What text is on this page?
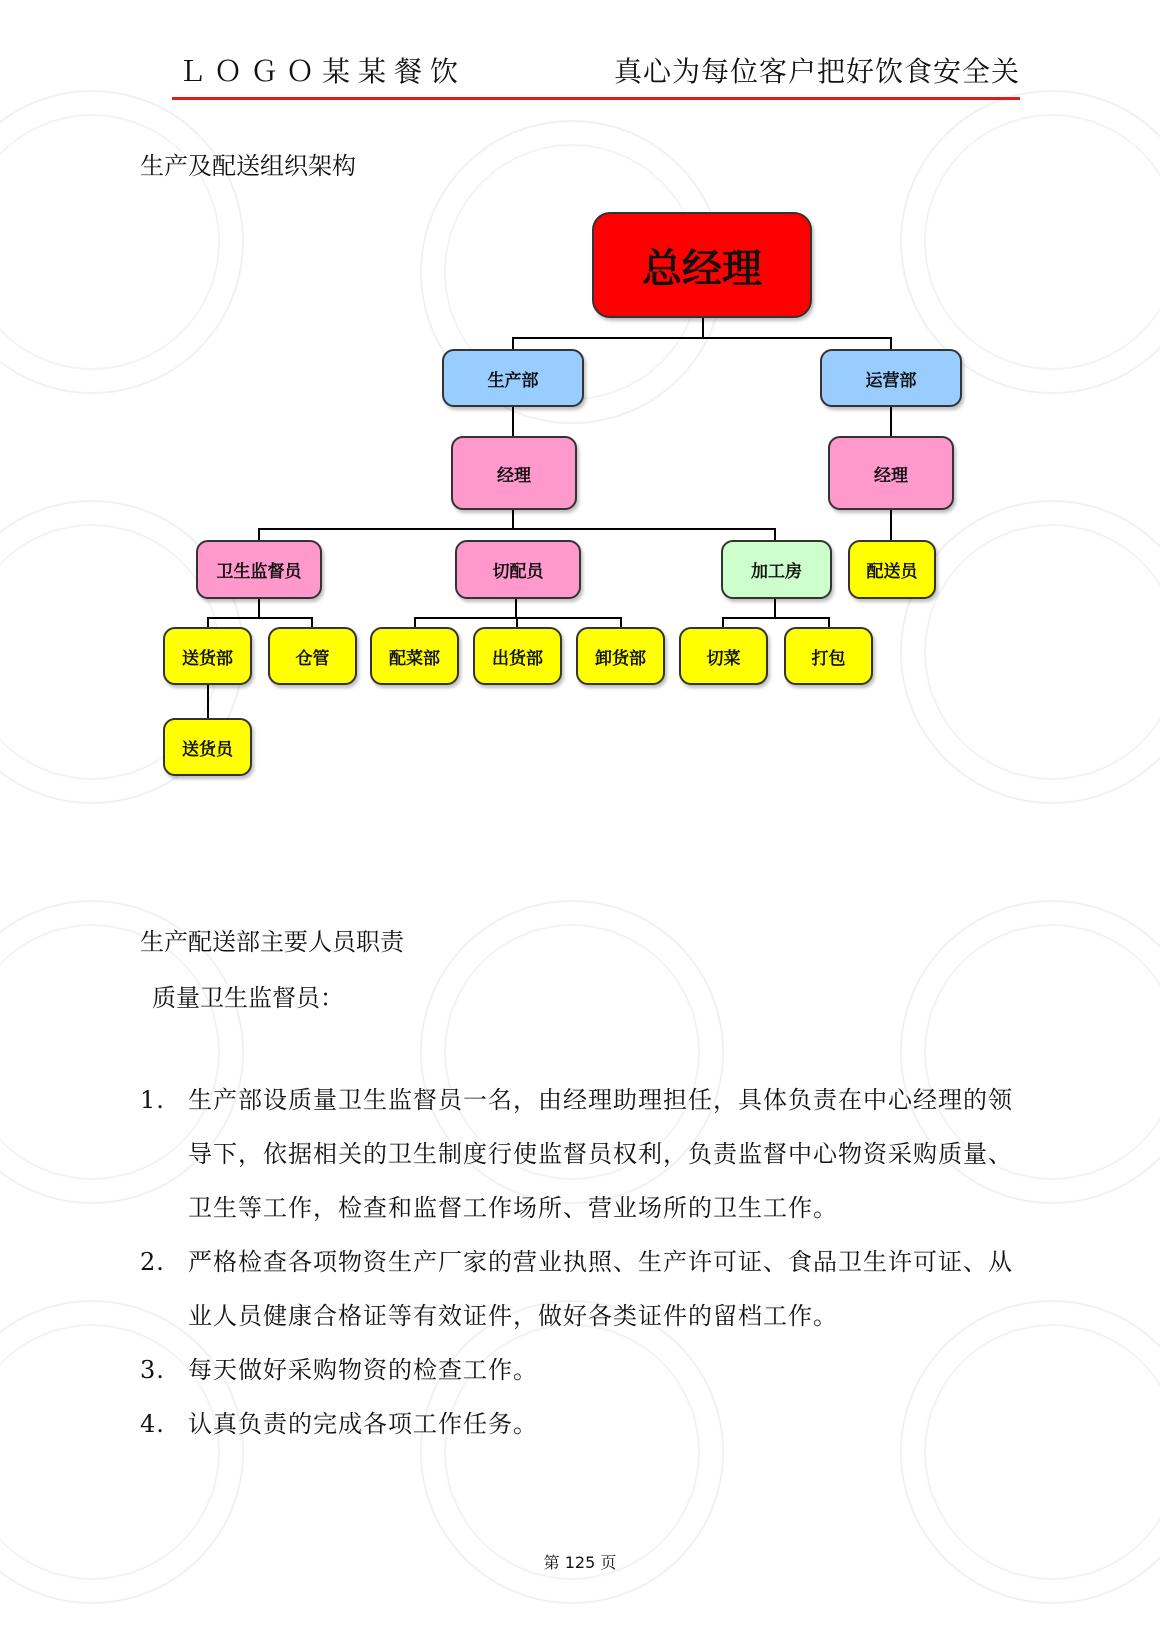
ＬＯＧＯ某某餐饮	真心为每位客户把好饮食安全关
生产及配送组织架构
总经理
生产部	运营部
经理	经理
卫生监督员	切配员	加工房	配送员
送货部	仓管	配菜部	出货部	卸货部	切菜	打包
送货员
生产配送部主要人员职责
质量卫生监督员：
1. 生产部设质量卫生监督员一名，由经理助理担任，具体负责在中心经理的领导下，依据相关的卫生制度行使监督员权利，负责监督中心物资采购质量、卫生等工作，检查和监督工作场所、营业场所的卫生工作。
2. 严格检查各项物资生产厂家的营业执照、生产许可证、食品卫生许可证、从业人员健康合格证等有效证件，做好各类证件的留档工作。
3. 每天做好采购物资的检查工作。
4. 认真负责的完成各项工作任务。
第 125 页
